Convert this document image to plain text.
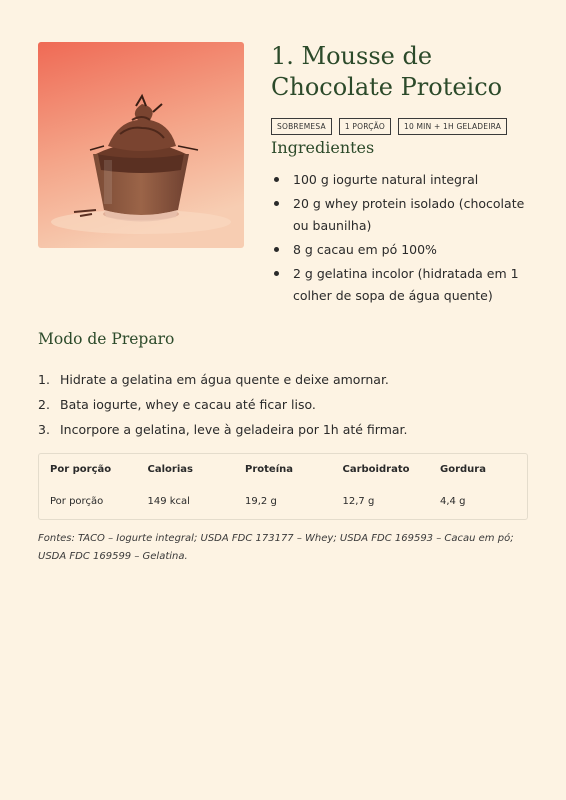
1. Mousse de Chocolate Proteico
SOBREMESA	1 PORÇÃO	10 MIN + 1H GELADEIRA
Ingredientes
100 g iogurte natural integral
20 g whey protein isolado (chocolate ou baunilha)
8 g cacau em pó 100%
2 g gelatina incolor (hidratada em 1 colher de sopa de água quente)
Modo de Preparo
1. Hidrate a gelatina em água quente e deixe amornar.
2. Bata iogurte, whey e cacau até ficar liso.
3. Incorpore a gelatina, leve à geladeira por 1h até firmar.
Por porção	Calorias	Proteína	Carboidrato	Gordura
Por porção	149 kcal	19,2 g	12,7 g	4,4 g

Fontes: TACO – Iogurte integral; USDA FDC 173177 – Whey; USDA FDC 169593 – Cacau em pó; USDA FDC 169599 – Gelatina.
